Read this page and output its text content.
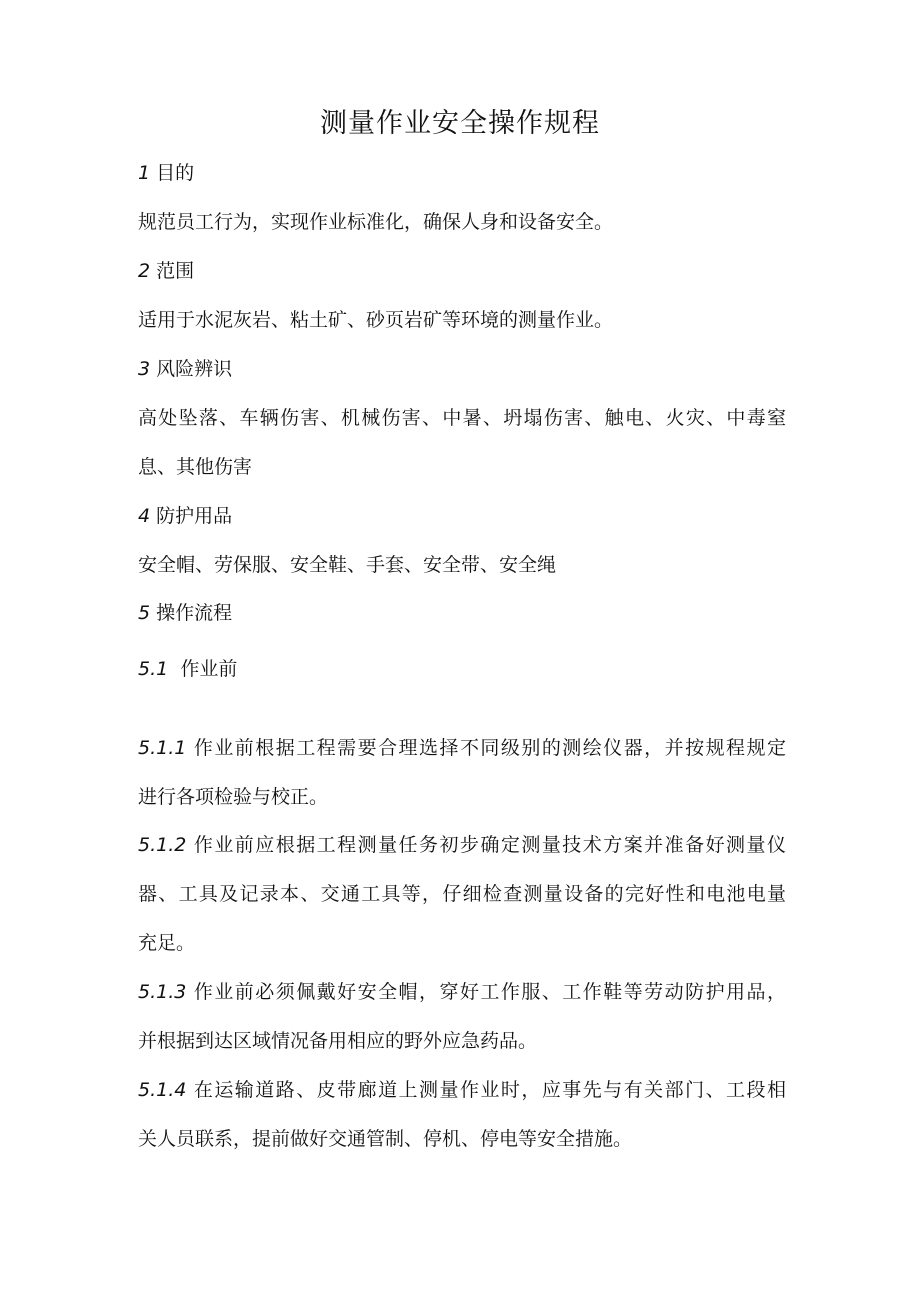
测量作业安全操作规程
1 目的
规范员工行为，实现作业标准化，确保人身和设备安全。
2 范围
适用于水泥灰岩、粘土矿、砂页岩矿等环境的测量作业。
3 风险辨识
高处坠落、车辆伤害、机械伤害、中暑、坍塌伤害、触电、火灾、中毒窒
息、其他伤害
4 防护用品
安全帽、劳保服、安全鞋、手套、安全带、安全绳
5 操作流程
5.1 作业前
5.1.1 作业前根据工程需要合理选择不同级别的测绘仪器，并按规程规定
进行各项检验与校正。
5.1.2 作业前应根据工程测量任务初步确定测量技术方案并准备好测量仪
器、工具及记录本、交通工具等，仔细检查测量设备的完好性和电池电量
充足。
5.1.3 作业前必须佩戴好安全帽，穿好工作服、工作鞋等劳动防护用品，
并根据到达区域情况备用相应的野外应急药品。
5.1.4 在运输道路、皮带廊道上测量作业时，应事先与有关部门、工段相
关人员联系，提前做好交通管制、停机、停电等安全措施。
